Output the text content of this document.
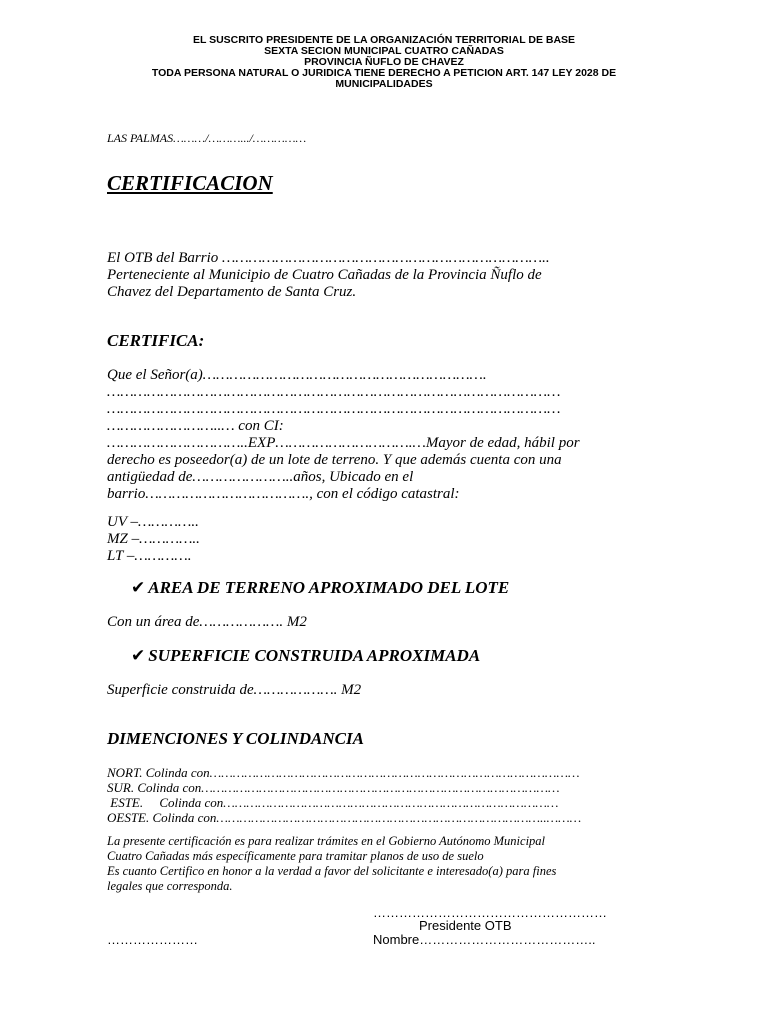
EL SUSCRITO PRESIDENTE DE LA ORGANIZACIÓN TERRITORIAL DE BASE
SEXTA SECION MUNICIPAL CUATRO CAÑADAS
PROVINCIA ÑUFLO DE CHAVEZ
TODA PERSONA NATURAL O JURIDICA TIENE DERECHO A PETICION ART. 147 LEY 2028 DE
MUNICIPALIDADES
LAS PALMAS………/……….../……………
CERTIFICACION
El OTB del Barrio ………………………………………………………………..
Perteneciente al Municipio de Cuatro Cañadas de la Provincia Ñuflo de
Chavez del Departamento de Santa Cruz.
CERTIFICA:
Que el Señor(a)……………………………………………………….
…………………………………………………………………………………………
…………………………………………………………………………………………
……………………..… con CI:
…………………………..EXP………………………….…Mayor de edad, hábil por
derecho es poseedor(a) de un lote de terreno. Y que además cuenta con una
antigüedad de…………………..años, Ubicado en el
barrio………………………………., con el código catastral:
UV –…………..
MZ –…………..
LT –………….
✔ AREA DE TERRENO APROXIMADO DEL LOTE
Con un área de………………. M2
✔ SUPERFICIE CONSTRUIDA APROXIMADA
Superficie construida de………………. M2
DIMENCIONES Y COLINDANCIA
NORT. Colinda con……………………………………………………………………………………
SUR. Colinda con…………………………………………………………………………………
ESTE.     Colinda con……………………………………………………………………………
OESTE. Colinda con…………………………………………………………………………..………
La presente certificación es para realizar trámites en el Gobierno Autónomo Municipal
Cuatro Cañadas más específicamente para tramitar planos de uso de suelo
Es cuanto Certifico en honor a la verdad a favor del solicitante e interesado(a) para fines
legales que corresponda.
………………………………………………
Presidente OTB
…………………	Nombre…………………………………..
